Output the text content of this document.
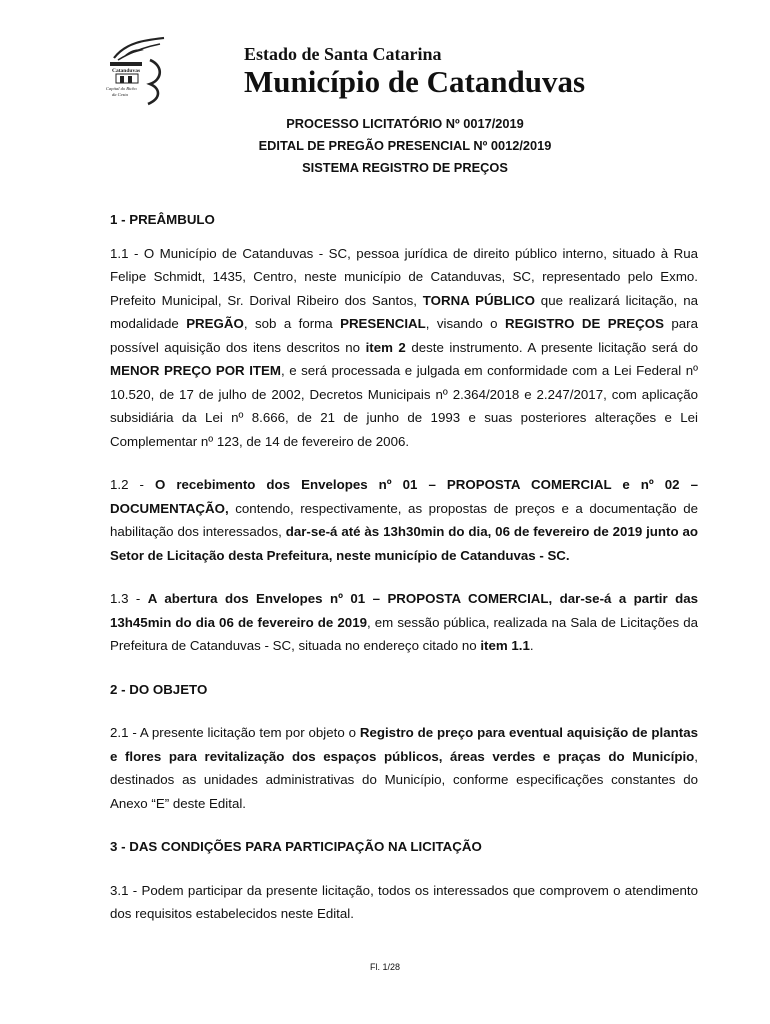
Catanduvas
Capital do Bicho
da Cesta
Estado de Santa Catarina
Município de Catanduvas
PROCESSO LICITATÓRIO Nº 0017/2019
EDITAL DE PREGÃO PRESENCIAL Nº 0012/2019
SISTEMA REGISTRO DE PREÇOS

1 - PREÂMBULO

1.1 - O Município de Catanduvas - SC, pessoa jurídica de direito público interno, situado à Rua Felipe Schmidt, 1435, Centro, neste município de Catanduvas, SC, representado pelo Exmo. Prefeito Municipal, Sr. Dorival Ribeiro dos Santos, TORNA PÚBLICO que realizará licitação, na modalidade PREGÃO, sob a forma PRESENCIAL, visando o REGISTRO DE PREÇOS para possível aquisição dos itens descritos no item 2 deste instrumento. A presente licitação será do MENOR PREÇO POR ITEM, e será processada e julgada em conformidade com a Lei Federal nº 10.520, de 17 de julho de 2002, Decretos Municipais nº 2.364/2018 e 2.247/2017, com aplicação subsidiária da Lei nº 8.666, de 21 de junho de 1993 e suas posteriores alterações e Lei Complementar nº 123, de 14 de fevereiro de 2006.

1.2 - O recebimento dos Envelopes nº 01 – PROPOSTA COMERCIAL e nº 02 – DOCUMENTAÇÃO, contendo, respectivamente, as propostas de preços e a documentação de habilitação dos interessados, dar-se-á até às 13h30min do dia, 06 de fevereiro de 2019 junto ao Setor de Licitação desta Prefeitura, neste município de Catanduvas - SC.

1.3 - A abertura dos Envelopes nº 01 – PROPOSTA COMERCIAL, dar-se-á a partir das 13h45min do dia 06 de fevereiro de 2019, em sessão pública, realizada na Sala de Licitações da Prefeitura de Catanduvas - SC, situada no endereço citado no item 1.1.

2 - DO OBJETO

2.1 - A presente licitação tem por objeto o Registro de preço para eventual aquisição de plantas e flores para revitalização dos espaços públicos, áreas verdes e praças do Município, destinados as unidades administrativas do Município, conforme especificações constantes do Anexo “E” deste Edital.

3 - DAS CONDIÇÕES PARA PARTICIPAÇÃO NA LICITAÇÃO

3.1 - Podem participar da presente licitação, todos os interessados que comprovem o atendimento dos requisitos estabelecidos neste Edital.

Fl. 1/28
